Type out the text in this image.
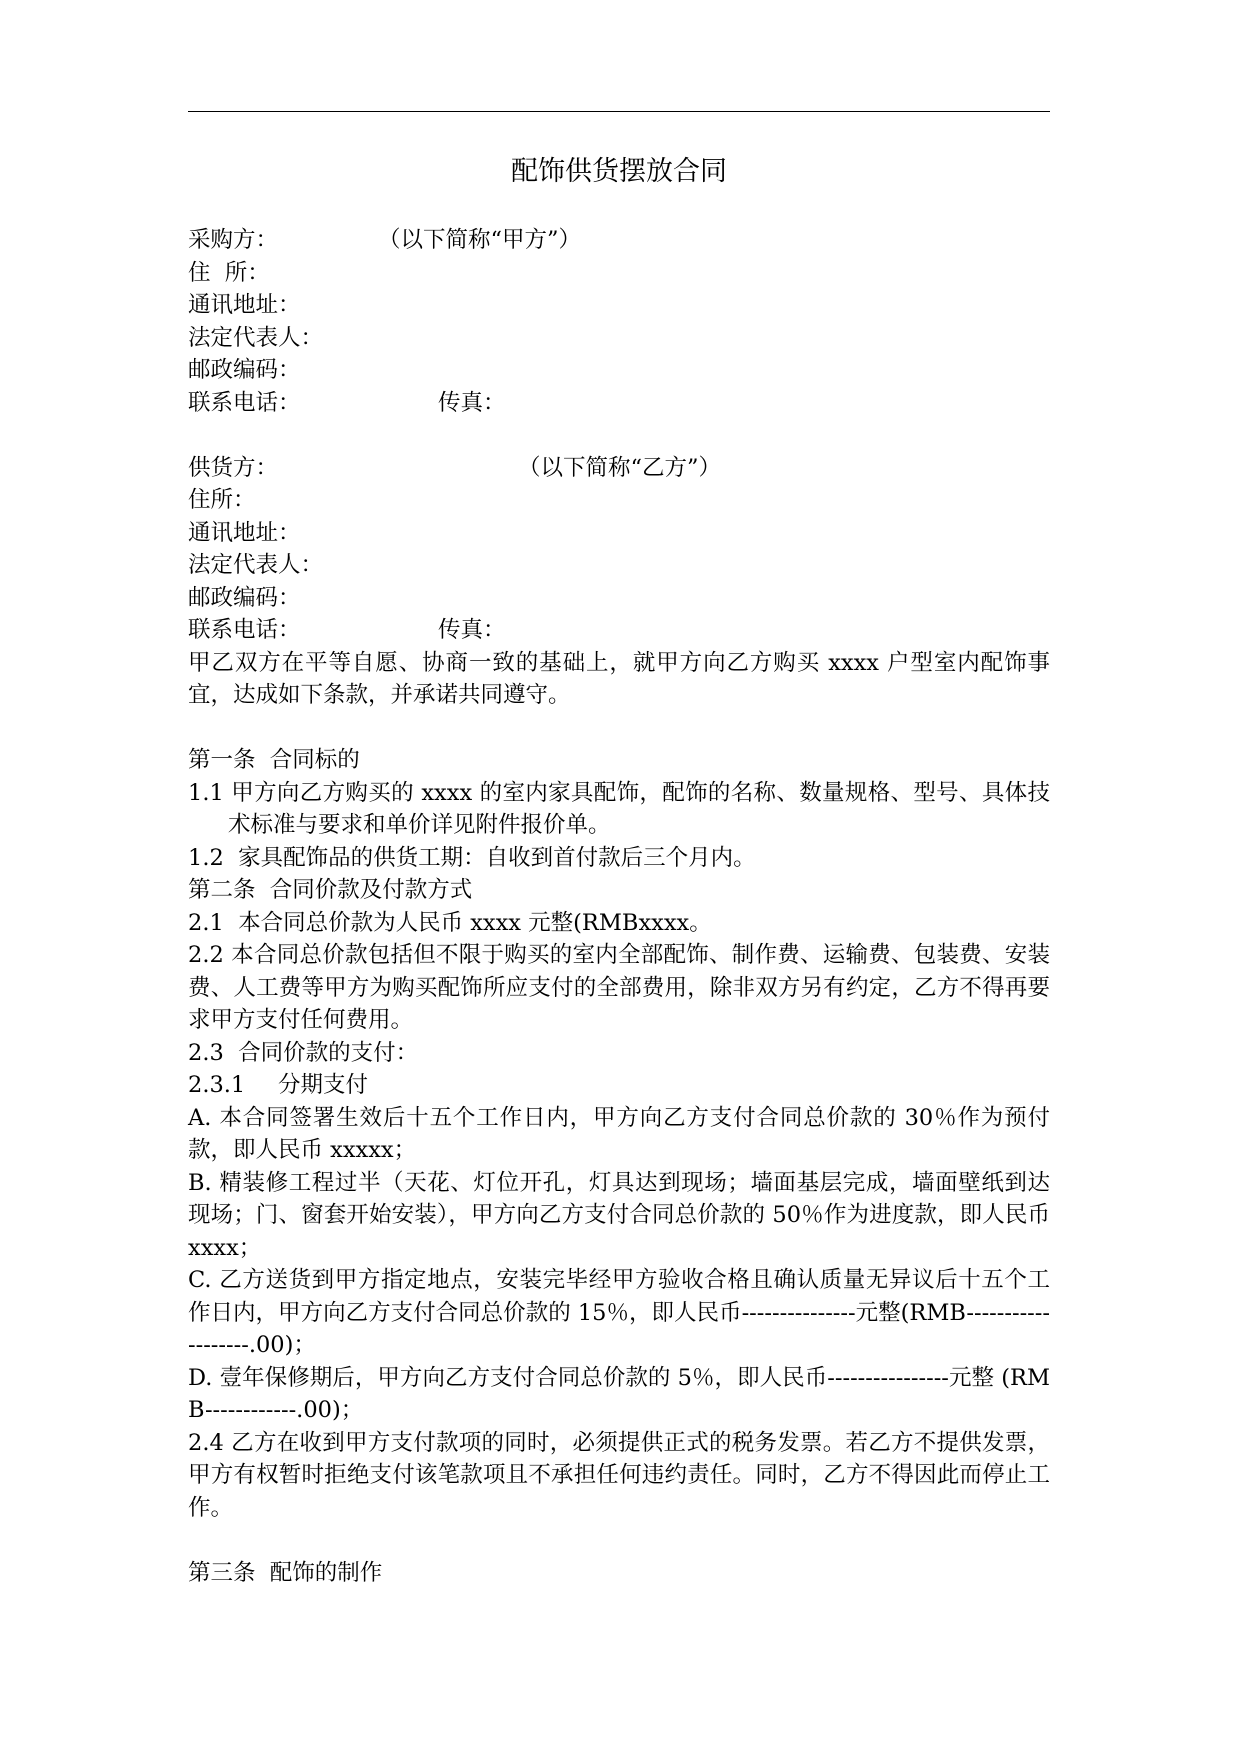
配饰供货摆放合同
采购方：	（以下简称“甲方”）
住  所：
通讯地址：
法定代表人：
邮政编码：
联系电话：	传真：
供货方：	（以下简称“乙方”）
住所：
通讯地址：
法定代表人：
邮政编码：
联系电话：	传真：
甲乙双方在平等自愿、协商一致的基础上，就甲方向乙方购买 xxxx 户型室内配饰事宜，达成如下条款，并承诺共同遵守。
第一条  合同标的
1.1 甲方向乙方购买的 xxxx 的室内家具配饰，配饰的名称、数量规格、型号、具体技术标准与要求和单价详见附件报价单。
1.2  家具配饰品的供货工期：自收到首付款后三个月内。
第二条  合同价款及付款方式
2.1  本合同总价款为人民币 xxxx 元整(RMBxxxx。
2.2 本合同总价款包括但不限于购买的室内全部配饰、制作费、运输费、包装费、安装费、人工费等甲方为购买配饰所应支付的全部费用，除非双方另有约定，乙方不得再要求甲方支付任何费用。
2.3  合同价款的支付：
2.3.1 分期支付
A. 本合同签署生效后十五个工作日内，甲方向乙方支付合同总价款的 30％作为预付款，即人民币 xxxxx；
B. 精装修工程过半（天花、灯位开孔，灯具达到现场；墙面基层完成，墙面壁纸到达现场；门、窗套开始安装），甲方向乙方支付合同总价款的 50％作为进度款，即人民币 xxxx；
C. 乙方送货到甲方指定地点，安装完毕经甲方验收合格且确认质量无异议后十五个工作日内，甲方向乙方支付合同总价款的 15％，即人民币---------------元整(RMB-------------------.00)；
D. 壹年保修期后，甲方向乙方支付合同总价款的 5％，即人民币----------------元整 (RMB------------.00)；
2.4 乙方在收到甲方支付款项的同时，必须提供正式的税务发票。若乙方不提供发票，甲方有权暂时拒绝支付该笔款项且不承担任何违约责任。同时，乙方不得因此而停止工作。
第三条  配饰的制作
